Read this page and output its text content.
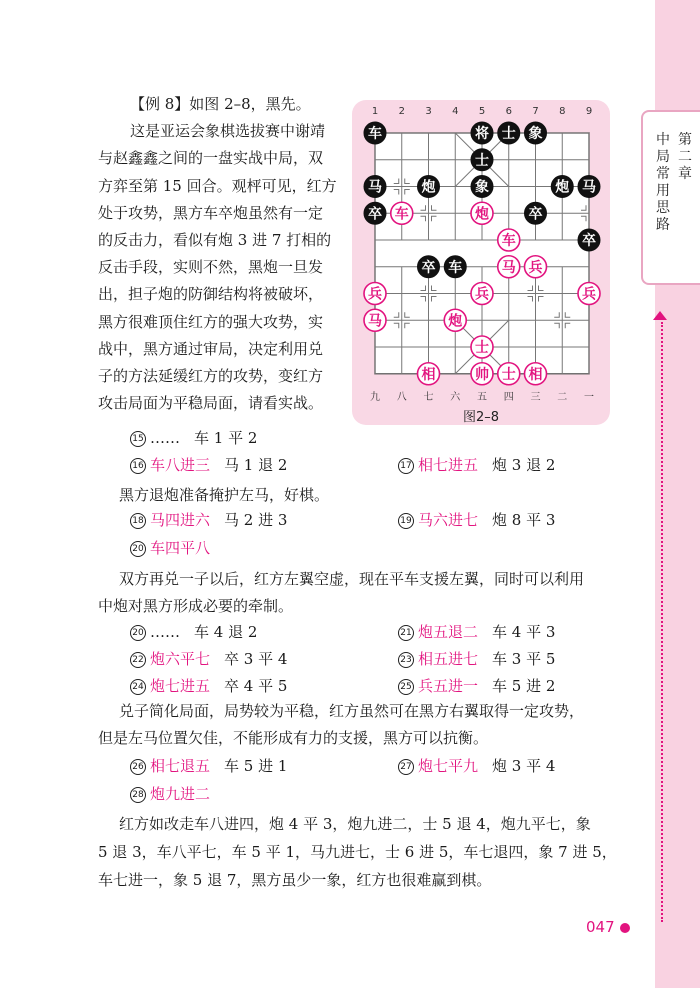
第二章
中局常用思路
047
【例 8】如图 2–8，黑先。
这是亚运会象棋选拔赛中谢靖
与赵鑫鑫之间的一盘实战中局，双
方弈至第 15 回合。观枰可见，红方
处于攻势，黑方车卒炮虽然有一定
的反击力，看似有炮 3 进 7 打相的
反击手段，实则不然，黑炮一旦发
出，担子炮的防御结构将被破坏，
黑方很难顶住红方的强大攻势，实
战中，黑方通过审局，决定利用兑
子的方法延缓红方的攻势，变红方
攻击局面为平稳局面，请看实战。
1 2 3 4 5 6 7 8 9
九 八 七 六 五 四 三 二 一
车	将 士 象
士
马	炮	象	炮 马
卒	卒
卒
卒 车
车	炮
车
马 兵
兵	兵	兵
马	炮
士
相	帅 士 相
图2–8
15 …… 车 1 平 2
16 车八进三 马 1 退 2	17 相七进五 炮 3 退 2
黑方退炮准备掩护左马，好棋。
18 马四进六 马 2 进 3	19 马六进七 炮 8 平 3
20 车四平八
双方再兑一子以后，红方左翼空虚，现在平车支援左翼，同时可以利用
中炮对黑方形成必要的牵制。
20 …… 车 4 退 2	21 炮五退二 车 4 平 3
22 炮六平七 卒 3 平 4	23 相五进七 车 3 平 5
24 炮七进五 卒 4 平 5	25 兵五进一 车 5 进 2
兑子简化局面，局势较为平稳，红方虽然可在黑方右翼取得一定攻势，
但是左马位置欠佳，不能形成有力的支援，黑方可以抗衡。
26 相七退五 车 5 进 1	27 炮七平九 炮 3 平 4
28 炮九进二
红方如改走车八进四，炮 4 平 3，炮九进二，士 5 退 4，炮九平七，象
5 退 3，车八平七，车 5 平 1，马九进七，士 6 进 5，车七退四，象 7 进 5，
车七进一，象 5 退 7，黑方虽少一象，红方也很难赢到棋。
